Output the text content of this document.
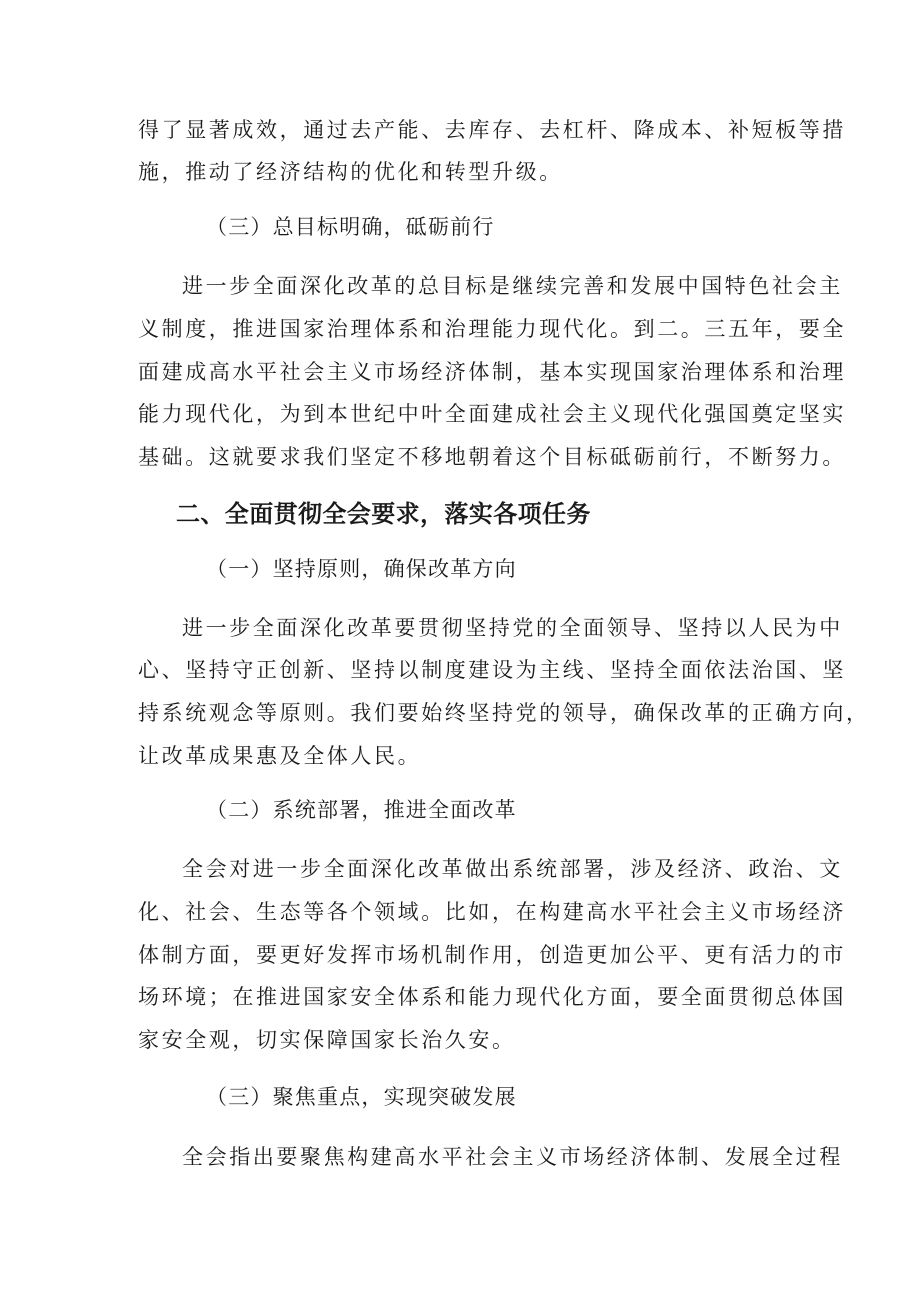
得了显著成效，通过去产能、去库存、去杠杆、降成本、补短板等措
施，推动了经济结构的优化和转型升级。
（三）总目标明确，砥砺前行
进一步全面深化改革的总目标是继续完善和发展中国特色社会主
义制度，推进国家治理体系和治理能力现代化。到二。三五年，要全
面建成高水平社会主义市场经济体制，基本实现国家治理体系和治理
能力现代化，为到本世纪中叶全面建成社会主义现代化强国奠定坚实
基础。这就要求我们坚定不移地朝着这个目标砥砺前行，不断努力。
二、全面贯彻全会要求，落实各项任务
（一）坚持原则，确保改革方向
进一步全面深化改革要贯彻坚持党的全面领导、坚持以人民为中
心、坚持守正创新、坚持以制度建设为主线、坚持全面依法治国、坚
持系统观念等原则。我们要始终坚持党的领导，确保改革的正确方向，
让改革成果惠及全体人民。
（二）系统部署，推进全面改革
全会对进一步全面深化改革做出系统部署，涉及经济、政治、文
化、社会、生态等各个领域。比如，在构建高水平社会主义市场经济
体制方面，要更好发挥市场机制作用，创造更加公平、更有活力的市
场环境；在推进国家安全体系和能力现代化方面，要全面贯彻总体国
家安全观，切实保障国家长治久安。
（三）聚焦重点，实现突破发展
全会指出要聚焦构建高水平社会主义市场经济体制、发展全过程
